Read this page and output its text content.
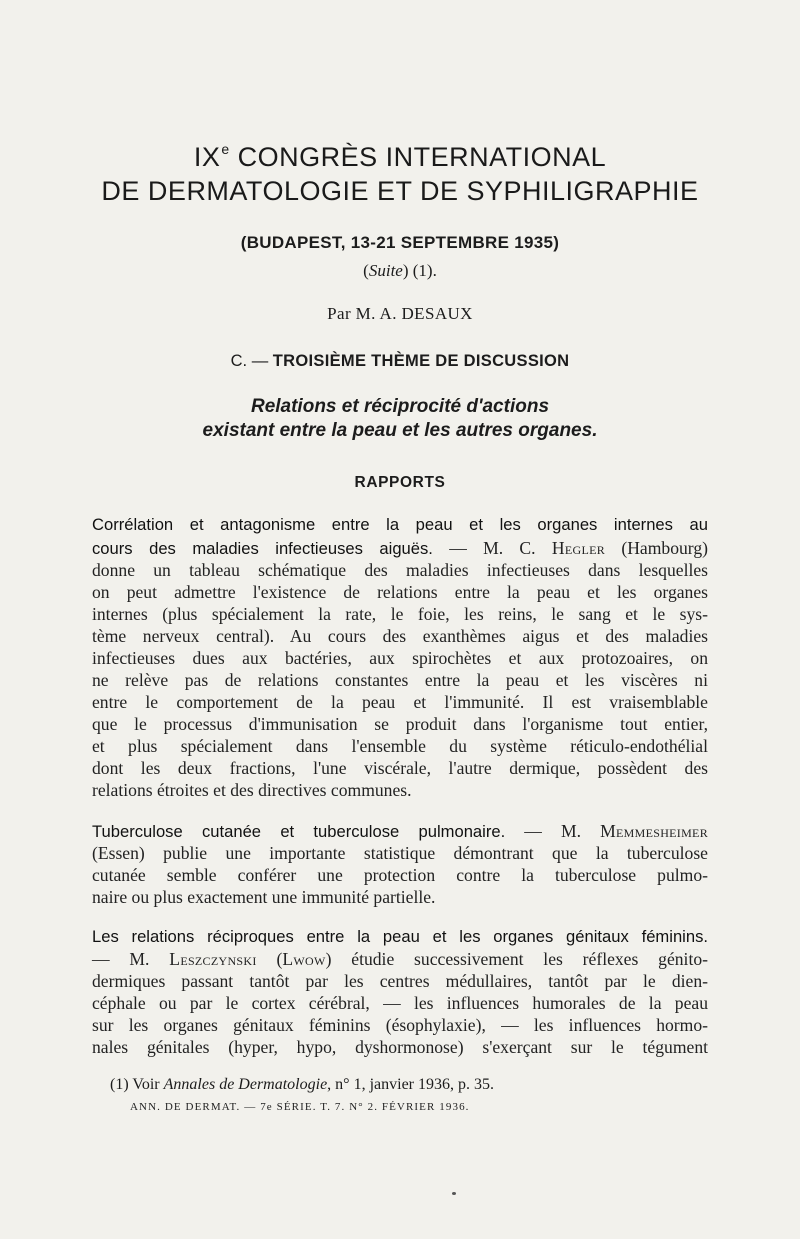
IXe CONGRÈS INTERNATIONAL
DE DERMATOLOGIE ET DE SYPHILIGRAPHIE
(BUDAPEST, 13-21 SEPTEMBRE 1935)
(Suite) (1).
Par M. A. DESAUX
C. — TROISIÈME THÈME DE DISCUSSION
Relations et réciprocité d'actions
existant entre la peau et les autres organes.
RAPPORTS
Corrélation et antagonisme entre la peau et les organes internes au
cours des maladies infectieuses aiguës. — M. C. Hegler (Hambourg)
donne un tableau schématique des maladies infectieuses dans lesquelles
on peut admettre l'existence de relations entre la peau et les organes
internes (plus spécialement la rate, le foie, les reins, le sang et le sys-
tème nerveux central). Au cours des exanthèmes aigus et des maladies
infectieuses dues aux bactéries, aux spirochètes et aux protozoaires, on
ne relève pas de relations constantes entre la peau et les viscères ni
entre le comportement de la peau et l'immunité. Il est vraisemblable
que le processus d'immunisation se produit dans l'organisme tout entier,
et plus spécialement dans l'ensemble du système réticulo-endothélial
dont les deux fractions, l'une viscérale, l'autre dermique, possèdent des
relations étroites et des directives communes.
Tuberculose cutanée et tuberculose pulmonaire. — M. Memmesheimer
(Essen) publie une importante statistique démontrant que la tuberculose
cutanée semble conférer une protection contre la tuberculose pulmo-
naire ou plus exactement une immunité partielle.
Les relations réciproques entre la peau et les organes génitaux féminins.
— M. Leszczynski (Lwow) étudie successivement les réflexes génito-
dermiques passant tantôt par les centres médullaires, tantôt par le dien-
céphale ou par le cortex cérébral, — les influences humorales de la peau
sur les organes génitaux féminins (ésophylaxie), — les influences hormo-
nales génitales (hyper, hypo, dyshormonose) s'exerçant sur le tégument
(1) Voir Annales de Dermatologie, n° 1, janvier 1936, p. 35.
ANN. DE DERMAT. — 7e SÉRIE. T. 7. N° 2. FÉVRIER 1936.
